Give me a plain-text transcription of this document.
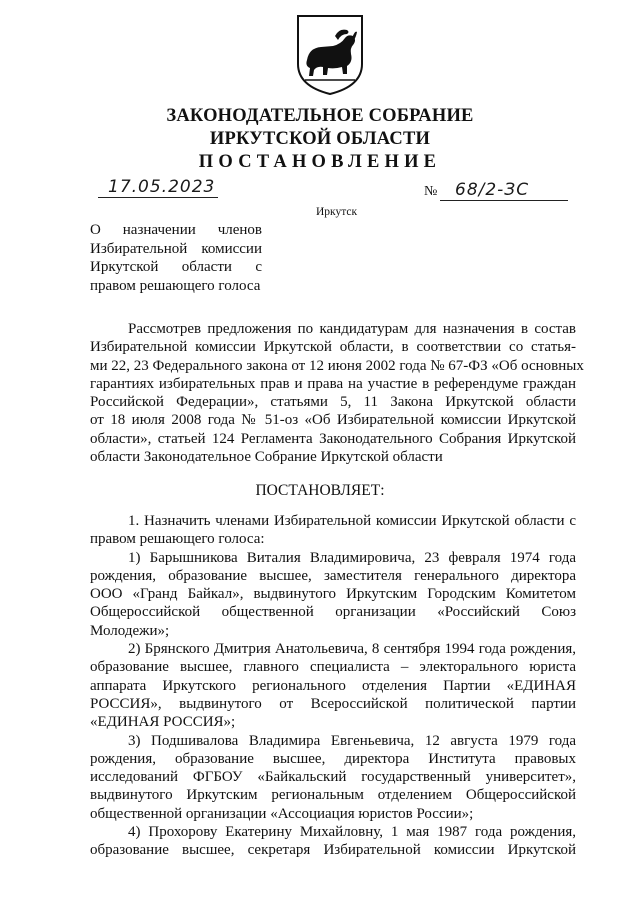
ЗАКОНОДАТЕЛЬНОЕ СОБРАНИЕ
ИРКУТСКОЙ ОБЛАСТИ
ПОСТАНОВЛЕНИЕ
17.05.2023	№ 68/2-ЗС
Иркутск
О назначении членов
Избирательной комиссии
Иркутской области с
правом решающего голоса
Рассмотрев предложения по кандидатурам для назначения в состав
Избирательной комиссии Иркутской области, в соответствии со статья-
ми 22, 23 Федерального закона от 12 июня 2002 года № 67-ФЗ «Об основных
гарантиях избирательных прав и права на участие в референдуме граждан
Российской Федерации», статьями 5, 11 Закона Иркутской области
от 18 июля 2008 года № 51-оз «Об Избирательной комиссии Иркутской
области», статьей 124 Регламента Законодательного Собрания Иркутской
области Законодательное Собрание Иркутской области
ПОСТАНОВЛЯЕТ:
1. Назначить членами Избирательной комиссии Иркутской области с
правом решающего голоса:
1) Барышникова Виталия Владимировича, 23 февраля 1974 года
рождения, образование высшее, заместителя генерального директора
ООО «Гранд Байкал», выдвинутого Иркутским Городским Комитетом
Общероссийской общественной организации «Российский Союз
Молодежи»;
2) Брянского Дмитрия Анатольевича, 8 сентября 1994 года рождения,
образование высшее, главного специалиста – электорального юриста
аппарата Иркутского регионального отделения Партии «ЕДИНАЯ
РОССИЯ», выдвинутого от Всероссийской политической партии
«ЕДИНАЯ РОССИЯ»;
3) Подшивалова Владимира Евгеньевича, 12 августа 1979 года
рождения, образование высшее, директора Института правовых
исследований ФГБОУ «Байкальский государственный университет»,
выдвинутого Иркутским региональным отделением Общероссийской
общественной организации «Ассоциация юристов России»;
4) Прохорову Екатерину Михайловну, 1 мая 1987 года рождения,
образование высшее, секретаря Избирательной комиссии Иркутской
